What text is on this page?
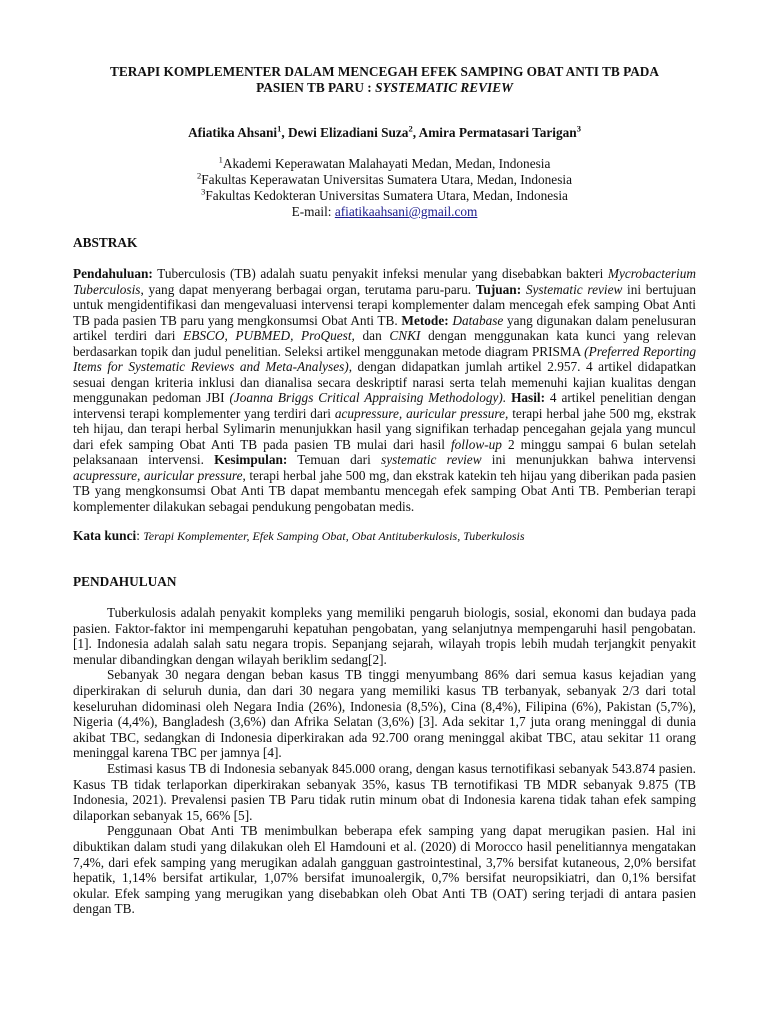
TERAPI KOMPLEMENTER DALAM MENCEGAH EFEK SAMPING OBAT ANTI TB PADA
PASIEN TB PARU : SYSTEMATIC REVIEW
Afiatika Ahsani$^1$, Dewi Elizadiani Suza$^2$, Amira Permatasari Tarigan$^3$
$^1$Akademi Keperawatan Malahayati Medan, Medan, Indonesia
$^2$Fakultas Keperawatan Universitas Sumatera Utara, Medan, Indonesia
$^3$Fakultas Kedokteran Universitas Sumatera Utara, Medan, Indonesia
E-mail: afiatikaahsani@gmail.com
ABSTRAK
Pendahuluan: Tuberculosis (TB) adalah suatu penyakit infeksi menular yang disebabkan bakteri Mycrobacterium Tuberculosis, yang dapat menyerang berbagai organ, terutama paru-paru. Tujuan: Systematic review ini bertujuan untuk mengidentifikasi dan mengevaluasi intervensi terapi komplementer dalam mencegah efek samping Obat Anti TB pada pasien TB paru yang mengkonsumsi Obat Anti TB. Metode: Database yang digunakan dalam penelusuran artikel terdiri dari EBSCO, PUBMED, ProQuest, dan CNKI dengan menggunakan kata kunci yang relevan berdasarkan topik dan judul penelitian. Seleksi artikel menggunakan metode diagram PRISMA (Preferred Reporting Items for Systematic Reviews and Meta-Analyses), dengan didapatkan jumlah artikel 2.957. 4 artikel didapatkan sesuai dengan kriteria inklusi dan dianalisa secara deskriptif narasi serta telah memenuhi kajian kualitas dengan menggunakan pedoman JBI (Joanna Briggs Critical Appraising Methodology). Hasil: 4 artikel penelitian dengan intervensi terapi komplementer yang terdiri dari acupressure, auricular pressure, terapi herbal jahe 500 mg, ekstrak teh hijau, dan terapi herbal Sylimarin menunjukkan hasil yang signifikan terhadap pencegahan gejala yang muncul dari efek samping Obat Anti TB pada pasien TB mulai dari hasil follow-up 2 minggu sampai 6 bulan setelah pelaksanaan intervensi. Kesimpulan: Temuan dari systematic review ini menunjukkan bahwa intervensi acupressure, auricular pressure, terapi herbal jahe 500 mg, dan ekstrak katekin teh hijau yang diberikan pada pasien TB yang mengkonsumsi Obat Anti TB dapat membantu mencegah efek samping Obat Anti TB. Pemberian terapi komplementer dilakukan sebagai pendukung pengobatan medis.
Kata kunci: Terapi Komplementer, Efek Samping Obat, Obat Antituberkulosis, Tuberkulosis
PENDAHULUAN

Tuberkulosis adalah penyakit kompleks yang memiliki pengaruh biologis, sosial, ekonomi dan budaya pada pasien. Faktor-faktor ini mempengaruhi kepatuhan pengobatan, yang selanjutnya mempengaruhi hasil pengobatan. [1]. Indonesia adalah salah satu negara tropis. Sepanjang sejarah, wilayah tropis lebih mudah terjangkit penyakit menular dibandingkan dengan wilayah beriklim sedang[2].

Sebanyak 30 negara dengan beban kasus TB tinggi menyumbang 86% dari semua kasus kejadian yang diperkirakan di seluruh dunia, dan dari 30 negara yang memiliki kasus TB terbanyak, sebanyak 2/3 dari total keseluruhan didominasi oleh Negara India (26%), Indonesia (8,5%), Cina (8,4%), Filipina (6%), Pakistan (5,7%), Nigeria (4,4%), Bangladesh (3,6%) dan Afrika Selatan (3,6%) [3]. Ada sekitar 1,7 juta orang meninggal di dunia akibat TBC, sedangkan di Indonesia diperkirakan ada 92.700 orang meninggal akibat TBC, atau sekitar 11 orang meninggal karena TBC per jamnya [4].

Estimasi kasus TB di Indonesia sebanyak 845.000 orang, dengan kasus ternotifikasi sebanyak 543.874 pasien. Kasus TB tidak terlaporkan diperkirakan sebanyak 35%, kasus TB ternotifikasi TB MDR sebanyak 9.875 (TB Indonesia, 2021). Prevalensi pasien TB Paru tidak rutin minum obat di Indonesia karena tidak tahan efek samping dilaporkan sebanyak 15, 66% [5].

Penggunaan Obat Anti TB menimbulkan beberapa efek samping yang dapat merugikan pasien. Hal ini dibuktikan dalam studi yang dilakukan oleh El Hamdouni et al. (2020) di Morocco hasil penelitiannya mengatakan 7,4%, dari efek samping yang merugikan adalah gangguan gastrointestinal, 3,7% bersifat kutaneous, 2,0% bersifat hepatik, 1,14% bersifat artikular, 1,07% bersifat imunoalergik, 0,7% bersifat neuropsikiatri, dan 0,1% bersifat okular. Efek samping yang merugikan yang disebabkan oleh Obat Anti TB (OAT) sering terjadi di antara pasien dengan TB.
